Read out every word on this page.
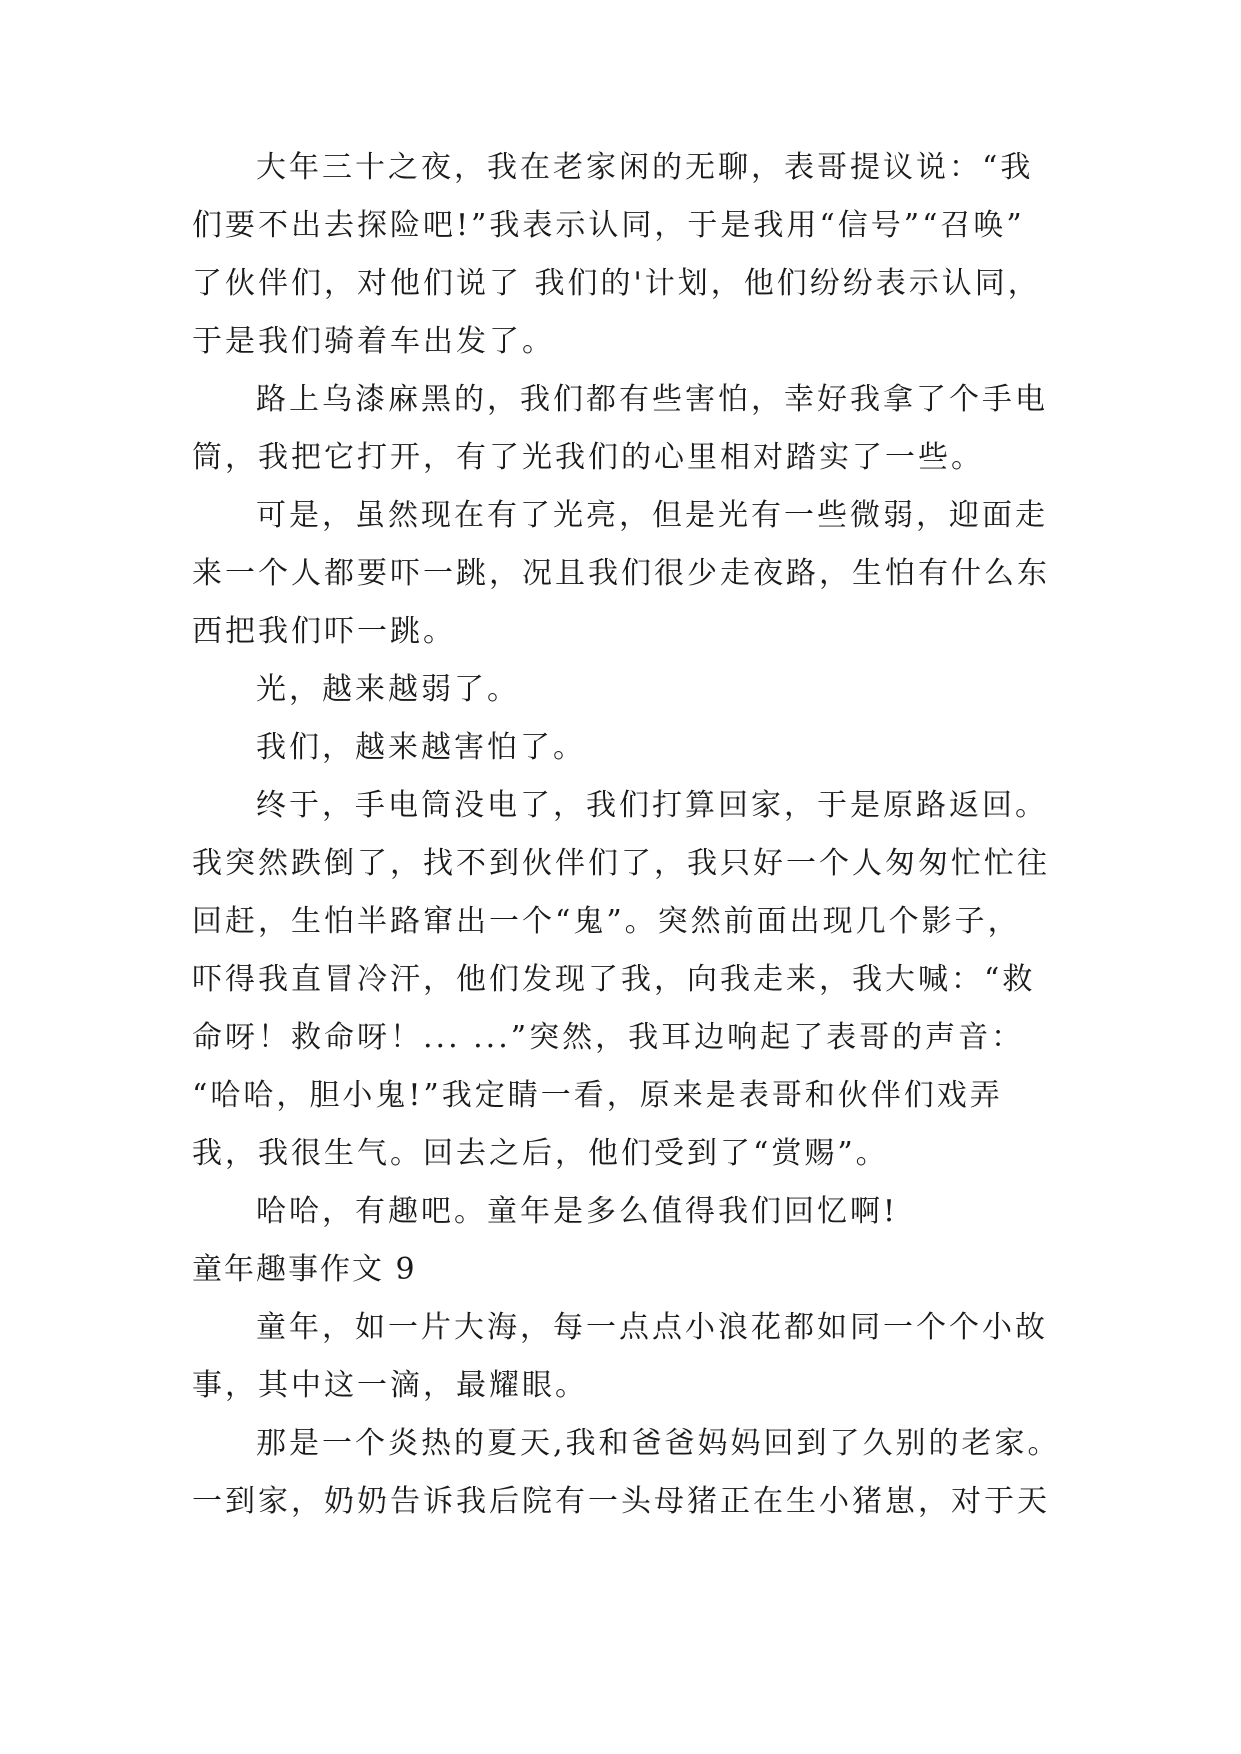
大年三十之夜，我在老家闲的无聊，表哥提议说：“我
们要不出去探险吧!”我表示认同，于是我用“信号”“召唤”
了伙伴们，对他们说了 我们的'计划，他们纷纷表示认同，
于是我们骑着车出发了。
路上乌漆麻黑的，我们都有些害怕，幸好我拿了个手电
筒，我把它打开，有了光我们的心里相对踏实了一些。
可是，虽然现在有了光亮，但是光有一些微弱，迎面走
来一个人都要吓一跳，况且我们很少走夜路，生怕有什么东
西把我们吓一跳。
光，越来越弱了。
我们，越来越害怕了。
终于，手电筒没电了，我们打算回家，于是原路返回。
我突然跌倒了，找不到伙伴们了，我只好一个人匆匆忙忙往
回赶，生怕半路窜出一个“鬼”。突然前面出现几个影子，
吓得我直冒冷汗，他们发现了我，向我走来，我大喊：“救
命呀！救命呀！... ...”突然，我耳边响起了表哥的声音：
“哈哈，胆小鬼!”我定睛一看，原来是表哥和伙伴们戏弄
我，我很生气。回去之后，他们受到了“赏赐”。
哈哈，有趣吧。童年是多么值得我们回忆啊!
童年趣事作文 9
童年，如一片大海，每一点点小浪花都如同一个个小故
事，其中这一滴，最耀眼。
那是一个炎热的夏天,我和爸爸妈妈回到了久别的老家。
一到家，奶奶告诉我后院有一头母猪正在生小猪崽，对于天
